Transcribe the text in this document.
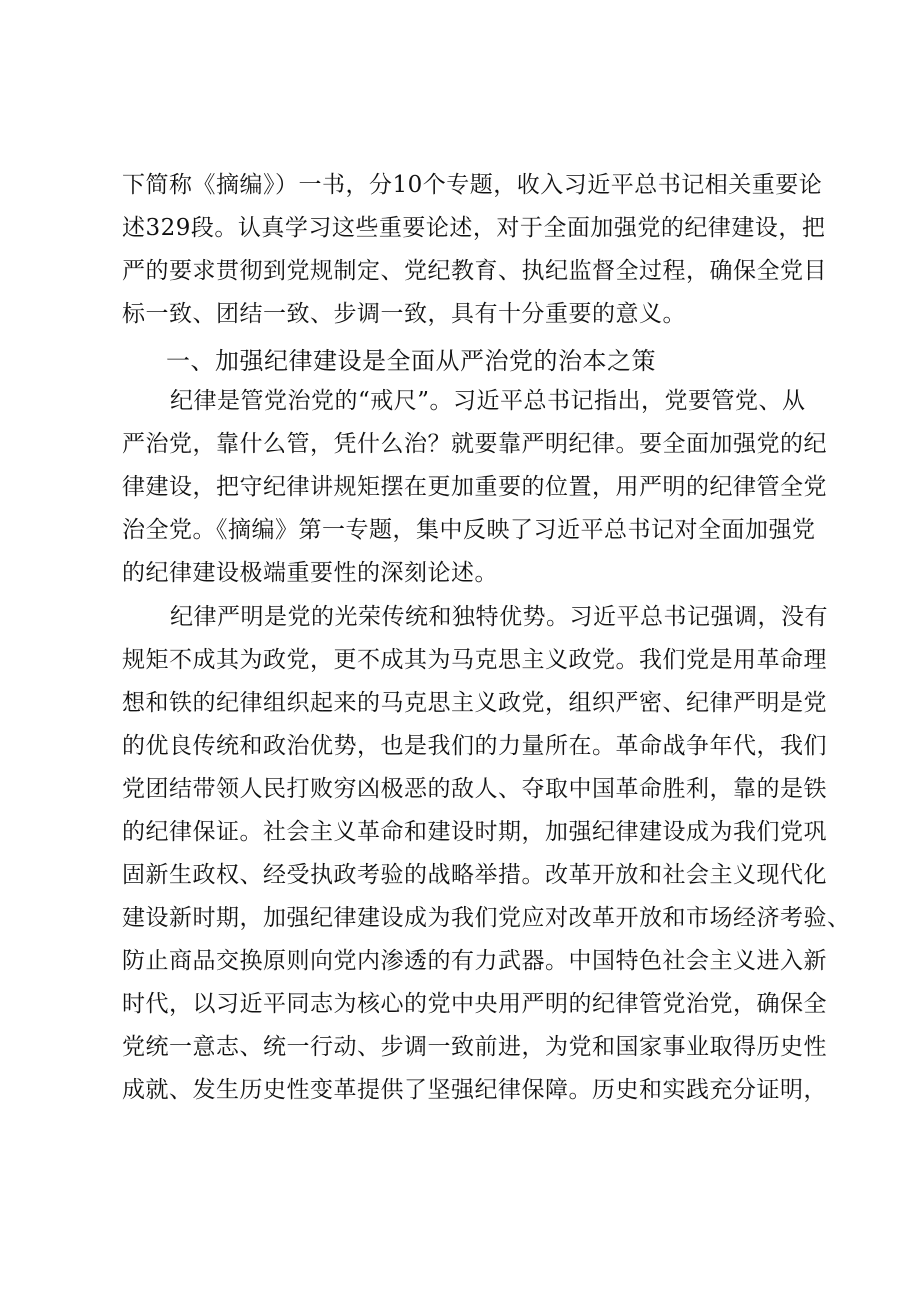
下简称《摘编》）一书，分10个专题，收入习近平总书记相关重要论
述329段。认真学习这些重要论述，对于全面加强党的纪律建设，把
严的要求贯彻到党规制定、党纪教育、执纪监督全过程，确保全党目
标一致、团结一致、步调一致，具有十分重要的意义。
一、加强纪律建设是全面从严治党的治本之策
纪律是管党治党的“戒尺”。习近平总书记指出，党要管党、从
严治党，靠什么管，凭什么治？就要靠严明纪律。要全面加强党的纪
律建设，把守纪律讲规矩摆在更加重要的位置，用严明的纪律管全党
治全党。《摘编》第一专题，集中反映了习近平总书记对全面加强党
的纪律建设极端重要性的深刻论述。
纪律严明是党的光荣传统和独特优势。习近平总书记强调，没有
规矩不成其为政党，更不成其为马克思主义政党。我们党是用革命理
想和铁的纪律组织起来的马克思主义政党，组织严密、纪律严明是党
的优良传统和政治优势，也是我们的力量所在。革命战争年代，我们
党团结带领人民打败穷凶极恶的敌人、夺取中国革命胜利，靠的是铁
的纪律保证。社会主义革命和建设时期，加强纪律建设成为我们党巩
固新生政权、经受执政考验的战略举措。改革开放和社会主义现代化
建设新时期，加强纪律建设成为我们党应对改革开放和市场经济考验、
防止商品交换原则向党内渗透的有力武器。中国特色社会主义进入新
时代，以习近平同志为核心的党中央用严明的纪律管党治党，确保全
党统一意志、统一行动、步调一致前进，为党和国家事业取得历史性
成就、发生历史性变革提供了坚强纪律保障。历史和实践充分证明，
